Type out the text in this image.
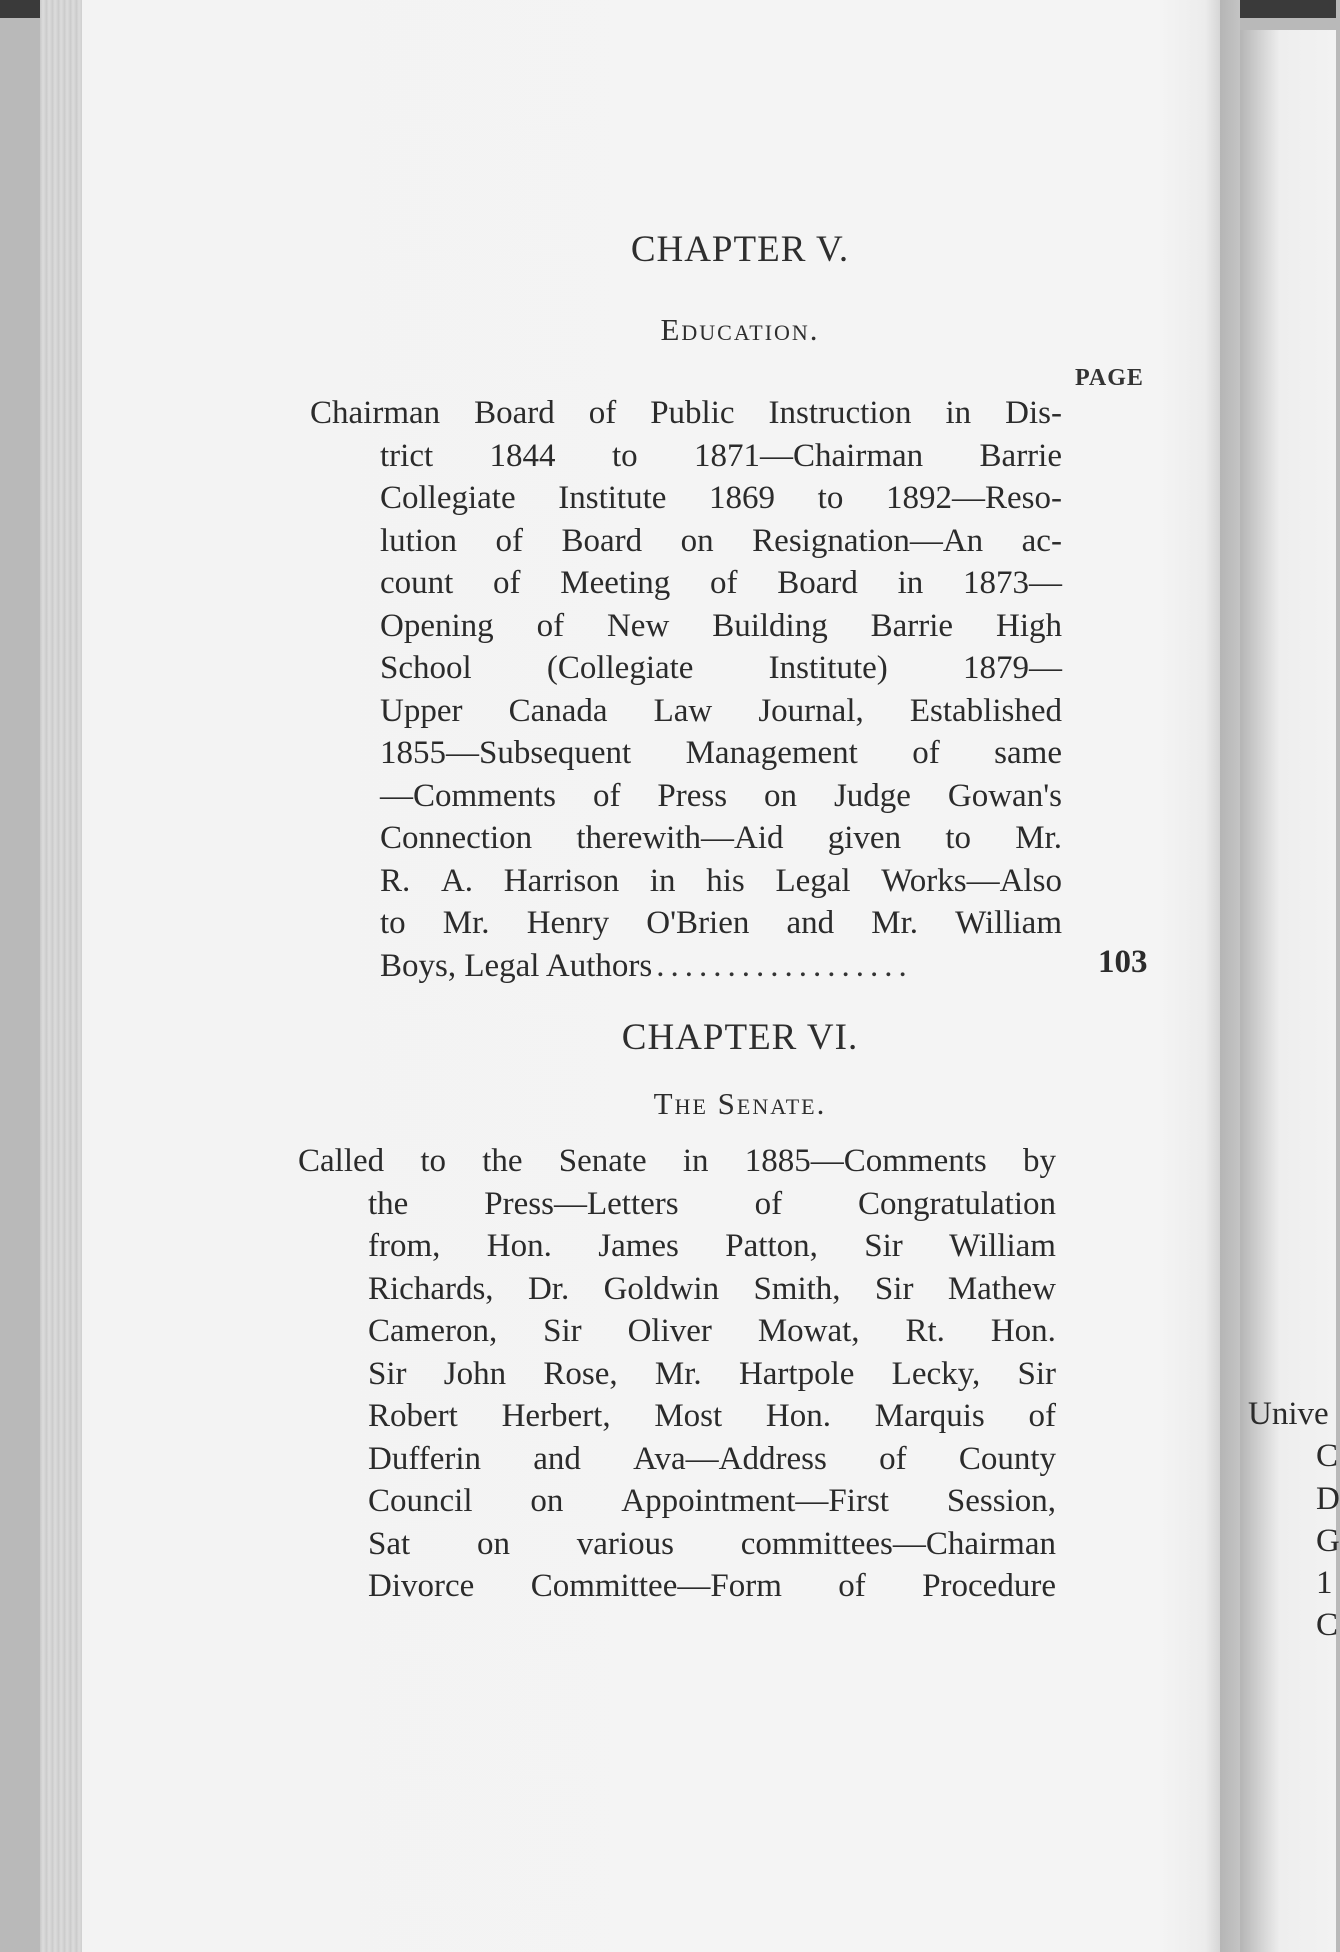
CHAPTER V.
Education.
PAGE
Chairman Board of Public Instruction in Dis-
trict 1844 to 1871—Chairman Barrie
Collegiate Institute 1869 to 1892—Reso-
lution of Board on Resignation—An ac-
count of Meeting of Board in 1873—
Opening of New Building Barrie High
School (Collegiate Institute) 1879—
Upper Canada Law Journal, Established
1855—Subsequent Management of same
—Comments of Press on Judge Gowan's
Connection therewith—Aid given to Mr.
R. A. Harrison in his Legal Works—Also
to Mr. Henry O'Brien and Mr. William
Boys, Legal Authors ..................	103
CHAPTER VI.
The Senate.
Called to the Senate in 1885—Comments by
the Press—Letters of Congratulation
from, Hon. James Patton, Sir William
Richards, Dr. Goldwin Smith, Sir Mathew
Cameron, Sir Oliver Mowat, Rt. Hon.
Sir John Rose, Mr. Hartpole Lecky, Sir
Robert Herbert, Most Hon. Marquis of
Dufferin and Ava—Address of County
Council on Appointment—First Session,
Sat on various committees—Chairman
Divorce Committee—Form of Procedure
Unive
C
D
G
1
C
